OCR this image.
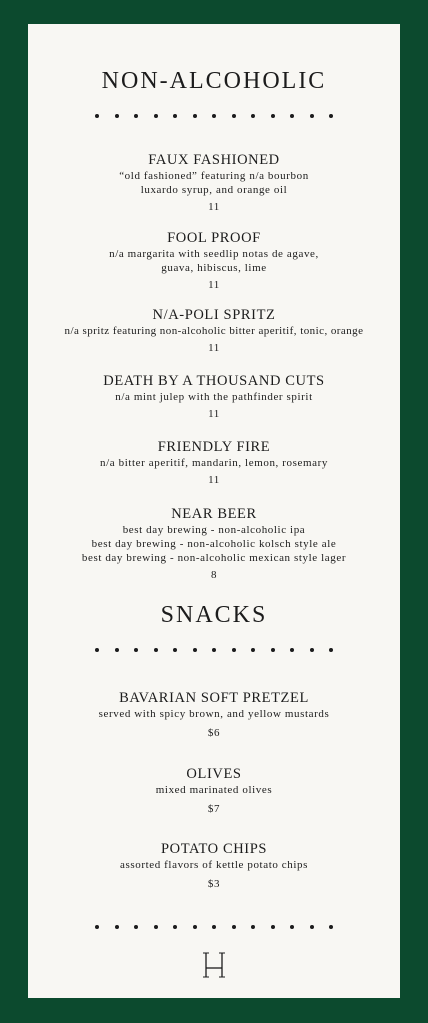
NON-ALCOHOLIC
FAUX FASHIONED
“old fashioned” featuring n/a bourbon
luxardo syrup, and orange oil
11
FOOL PROOF
n/a margarita with seedlip notas de agave,
guava, hibiscus, lime
11
N/A-POLI SPRITZ
n/a spritz featuring non-alcoholic bitter aperitif, tonic, orange
11
DEATH BY A THOUSAND CUTS
n/a mint julep with the pathfinder spirit
11
FRIENDLY FIRE
n/a bitter aperitif, mandarin, lemon, rosemary
11
NEAR BEER
best day brewing - non-alcoholic ipa
best day brewing - non-alcoholic kolsch style ale
best day brewing - non-alcoholic mexican style lager
8
SNACKS
BAVARIAN SOFT PRETZEL
served with spicy brown, and yellow mustards
$6
OLIVES
mixed marinated olives
$7
POTATO CHIPS
assorted flavors of kettle potato chips
$3
